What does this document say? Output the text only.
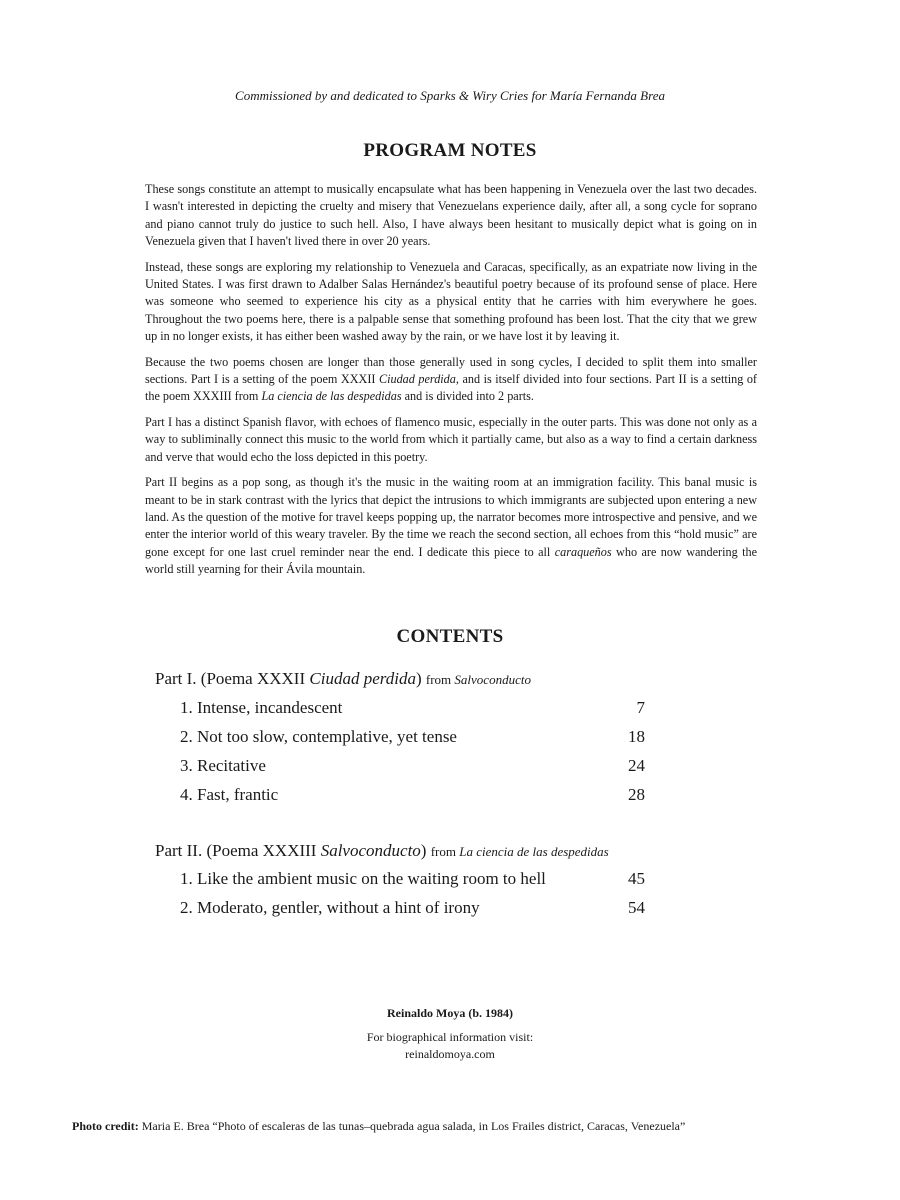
Commissioned by and dedicated to Sparks & Wiry Cries for María Fernanda Brea
PROGRAM NOTES

These songs constitute an attempt to musically encapsulate what has been happening in Venezuela over the last two decades. I wasn't interested in depicting the cruelty and misery that Venezuelans experience daily, after all, a song cycle for soprano and piano cannot truly do justice to such hell. Also, I have always been hesitant to musically depict what is going on in Venezuela given that I haven't lived there in over 20 years.

Instead, these songs are exploring my relationship to Venezuela and Caracas, specifically, as an expatriate now living in the United States. I was first drawn to Adalber Salas Hernández's beautiful poetry because of its profound sense of place. Here was someone who seemed to experience his city as a physical entity that he carries with him everywhere he goes. Throughout the two poems here, there is a palpable sense that something profound has been lost. That the city that we grew up in no longer exists, it has either been washed away by the rain, or we have lost it by leaving it.

Because the two poems chosen are longer than those generally used in song cycles, I decided to split them into smaller sections. Part I is a setting of the poem XXXII Ciudad perdida, and is itself divided into four sections. Part II is a setting of the poem XXXIII from La ciencia de las despedidas and is divided into 2 parts.

Part I has a distinct Spanish flavor, with echoes of flamenco music, especially in the outer parts. This was done not only as a way to subliminally connect this music to the world from which it partially came, but also as a way to find a certain darkness and verve that would echo the loss depicted in this poetry.

Part II begins as a pop song, as though it's the music in the waiting room at an immigration facility. This banal music is meant to be in stark contrast with the lyrics that depict the intrusions to which immigrants are subjected upon entering a new land. As the question of the motive for travel keeps popping up, the narrator becomes more introspective and pensive, and we enter the interior world of this weary traveler. By the time we reach the second section, all echoes from this “hold music” are gone except for one last cruel reminder near the end. I dedicate this piece to all caraqueños who are now wandering the world still yearning for their Ávila mountain.

CONTENTS
Part I. (Poema XXXII Ciudad perdida) from Salvoconducto
1. Intense, incandescent	7
2. Not too slow, contemplative, yet tense	18
3. Recitative	24
4. Fast, frantic	28
Part II. (Poema XXXIII Salvoconducto) from La ciencia de las despedidas
1. Like the ambient music on the waiting room to hell	45
2. Moderato, gentler, without a hint of irony	54
Reinaldo Moya (b. 1984)
For biographical information visit:
reinaldomoya.com
Photo credit: Maria E. Brea “Photo of escaleras de las tunas–quebrada agua salada, in Los Frailes district, Caracas, Venezuela”
